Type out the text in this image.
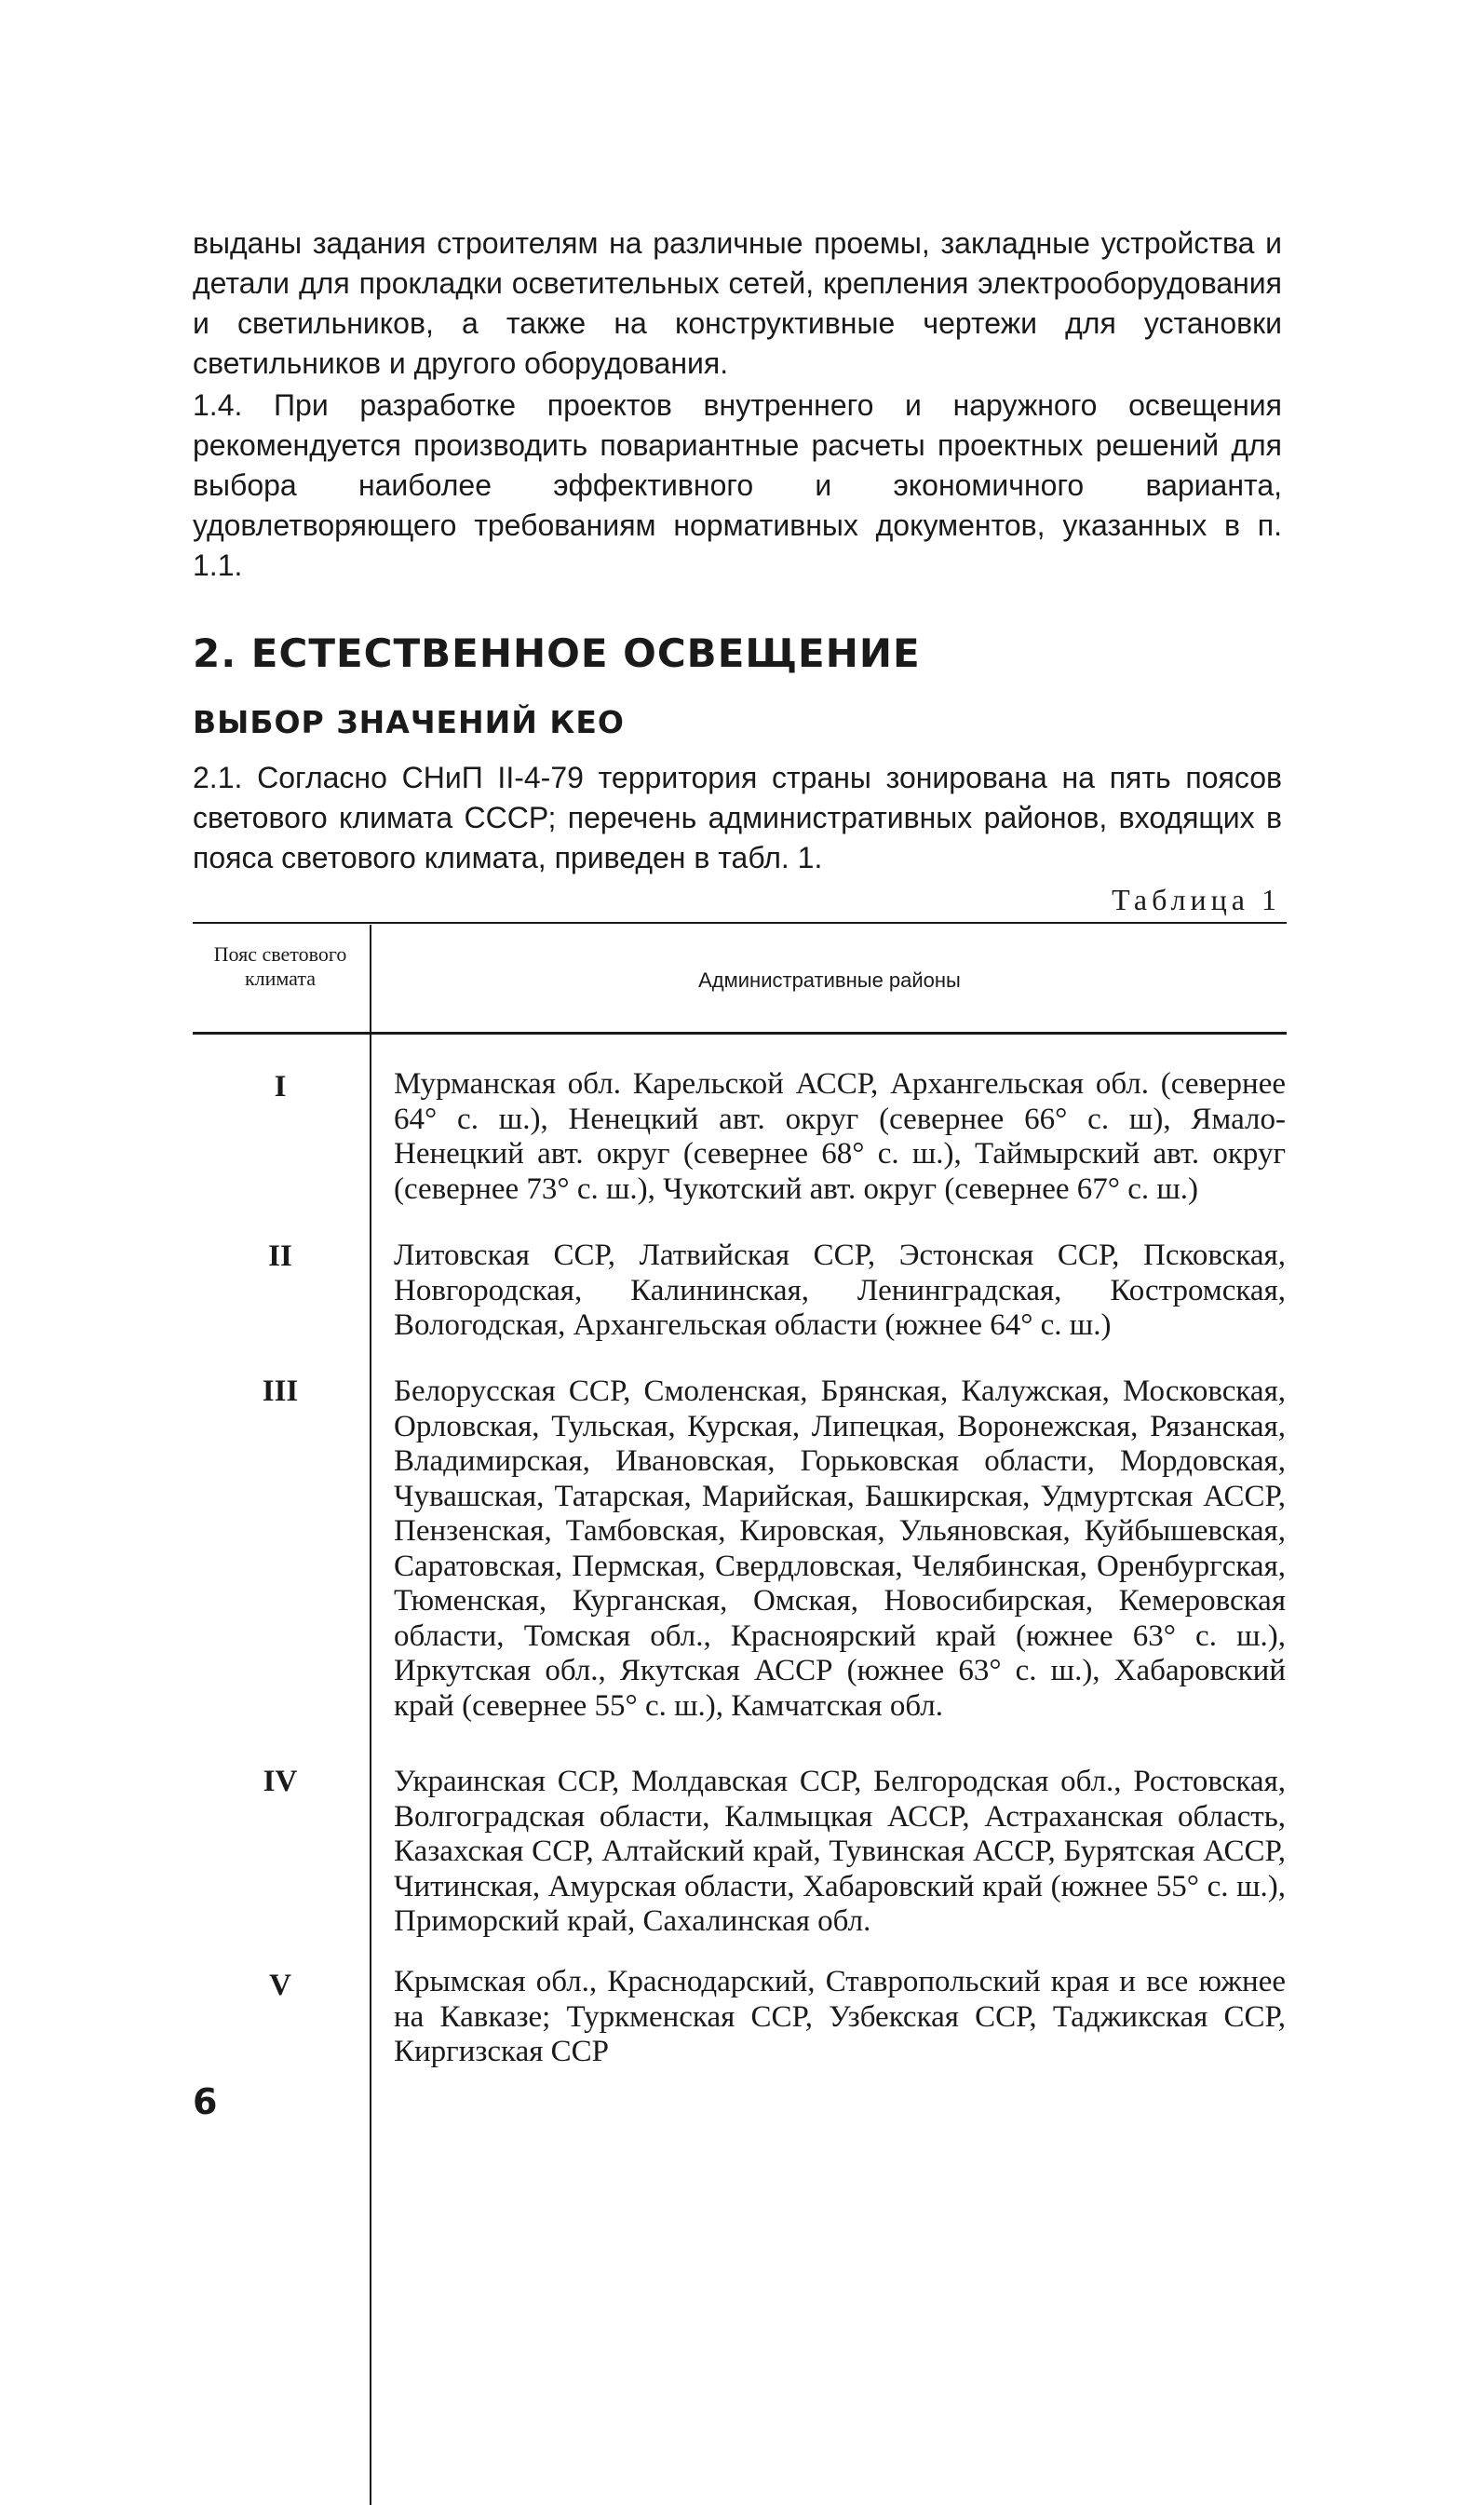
выданы задания строителям на различные проемы, закладные устройства и детали для прокладки осветительных сетей, крепления электрооборудования и светильников, а также на конструктивные чертежи для установки светильников и другого оборудования.

1.4. При разработке проектов внутреннего и наружного освещения рекомендуется производить повариантные расчеты проектных решений для выбора наиболее эффективного и экономичного варианта, удовлетворяющего требованиям нормативных документов, указанных в п. 1.1.

2. ЕСТЕСТВЕННОЕ ОСВЕЩЕНИЕ
ВЫБОР ЗНАЧЕНИЙ КЕО

2.1. Согласно СНиП II-4-79 территория страны зонирована на пять поясов светового климата СССР; перечень административных районов, входящих в пояса светового климата, приведен в табл. 1.

Таблица 1
Пояс светового климата	Административные районы
I	Мурманская обл. Карельской АССР, Архангельская обл. (севернее 64° с. ш.), Ненецкий авт. округ (севернее 66° с. ш), Ямало-Ненецкий авт. округ (севернее 68° с. ш.), Таймырский авт. округ (севернее 73° с. ш.), Чукотский авт. округ (севернее 67° с. ш.)
II	Литовская ССР, Латвийская ССР, Эстонская ССР, Псковская, Новгородская, Калининская, Ленинградская, Костромская, Вологодская, Архангельская области (южнее 64° с. ш.)
III	Белорусская ССР, Смоленская, Брянская, Калужская, Московская, Орловская, Тульская, Курская, Липецкая, Воронежская, Рязанская, Владимирская, Ивановская, Горьковская области, Мордовская, Чувашская, Татарская, Марийская, Башкирская, Удмуртская АССР, Пензенская, Тамбовская, Кировская, Ульяновская, Куйбышевская, Саратовская, Пермская, Свердловская, Челябинская, Оренбургская, Тюменская, Курганская, Омская, Новосибирская, Кемеровская области, Томская обл., Красноярский край (южнее 63° с. ш.), Иркутская обл., Якутская АССР (южнее 63° с. ш.), Хабаровский край (севернее 55° с. ш.), Камчатская обл.
IV	Украинская ССР, Молдавская ССР, Белгородская обл., Ростовская, Волгоградская области, Калмыцкая АССР, Астраханская область, Казахская ССР, Алтайский край, Тувинская АССР, Бурятская АССР, Читинская, Амурская области, Хабаровский край (южнее 55° с. ш.), Приморский край, Сахалинская обл.
V	Крымская обл., Краснодарский, Ставропольский края и все южнее на Кавказе; Туркменская ССР, Узбекская ССР, Таджикская ССР, Киргизская ССР
6
